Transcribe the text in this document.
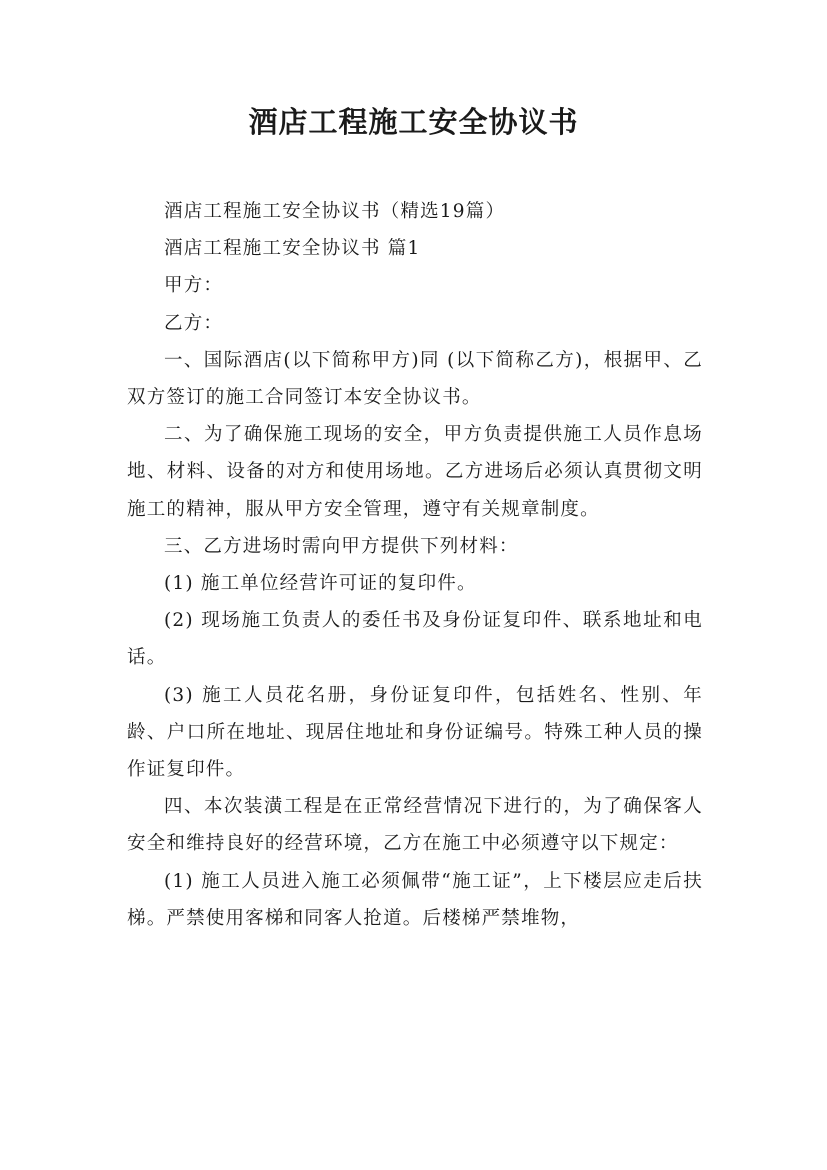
酒店工程施工安全协议书

酒店工程施工安全协议书（精选19篇）

酒店工程施工安全协议书 篇1

甲方：

乙方：

一、国际酒店(以下简称甲方)同 (以下简称乙方)，根据甲、乙双方签订的施工合同签订本安全协议书。

二、为了确保施工现场的安全，甲方负责提供施工人员作息场地、材料、设备的对方和使用场地。乙方进场后必须认真贯彻文明施工的精神，服从甲方安全管理，遵守有关规章制度。

三、乙方进场时需向甲方提供下列材料：

(1) 施工单位经营许可证的复印件。

(2) 现场施工负责人的委任书及身份证复印件、联系地址和电话。

(3) 施工人员花名册，身份证复印件，包括姓名、性别、年龄、户口所在地址、现居住地址和身份证编号。特殊工种人员的操作证复印件。

四、本次装潢工程是在正常经营情况下进行的，为了确保客人安全和维持良好的经营环境，乙方在施工中必须遵守以下规定：

(1) 施工人员进入施工必须佩带“施工证”，上下楼层应走后扶梯。严禁使用客梯和同客人抢道。后楼梯严禁堆物，
